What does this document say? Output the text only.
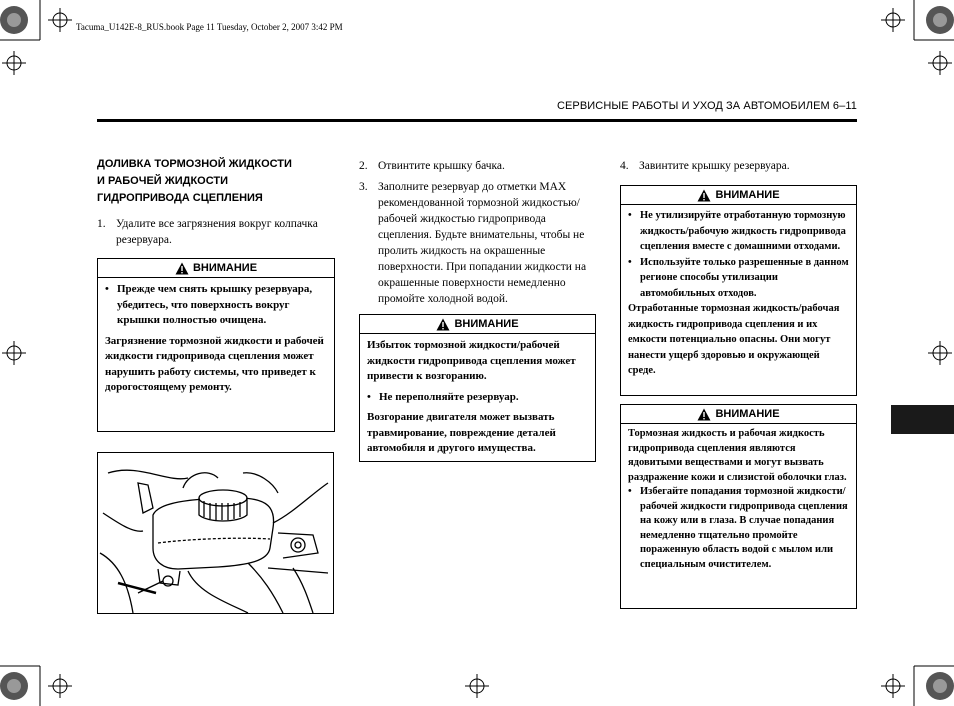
Tacuma_U142E-8_RUS.book Page 11 Tuesday, October 2, 2007 3:42 PM
СЕРВИСНЫЕ РАБОТЫ И УХОД ЗА АВТОМОБИЛЕМ 6–11
ДОЛИВКА ТОРМОЗНОЙ ЖИДКОСТИ
И РАБОЧЕЙ ЖИДКОСТИ
ГИДРОПРИВОДА СЦЕПЛЕНИЯ
1. Удалите все загрязнения вокруг колпачка резервуара.
ВНИМАНИЕ
• Прежде чем снять крышку резервуара, убедитесь, что поверхность вокруг крышки полностью очищена.
Загрязнение тормозной жидкости и рабочей жидкости гидропривода сцепления может нарушить работу системы, что приведет к дорогостоящему ремонту.
2. Отвинтите крышку бачка.
3. Заполните резервуар до отметки MAX рекомендованной тормозной жидкостью/рабочей жидкостью гидропривода сцепления. Будьте внимательны, чтобы не пролить жидкость на окрашенные поверхности. При попадании жидкости на окрашенные поверхности немедленно промойте холодной водой.
ВНИМАНИЕ
Избыток тормозной жидкости/рабочей жидкости гидропривода сцепления может привести к возгоранию.
• Не переполняйте резервуар.
Возгорание двигателя может вызвать травмирование, повреждение деталей автомобиля и другого имущества.
4. Завинтите крышку резервуара.
ВНИМАНИЕ
• Не утилизируйте отработанную тормозную жидкость/рабочую жидкость гидропривода сцепления вместе с домашними отходами.
• Используйте только разрешенные в данном регионе способы утилизации автомобильных отходов.
Отработанные тормозная жидкость/рабочая жидкость гидропривода сцепления и их емкости потенциально опасны. Они могут нанести ущерб здоровью и окружающей среде.
ВНИМАНИЕ
Тормозная жидкость и рабочая жидкость гидропривода сцепления являются ядовитыми веществами и могут вызвать раздражение кожи и слизистой оболочки глаз.
• Избегайте попадания тормозной жидкости/рабочей жидкости гидропривода сцепления на кожу или в глаза. В случае попадания немедленно тщательно промойте пораженную область водой с мылом или специальным очистителем.
